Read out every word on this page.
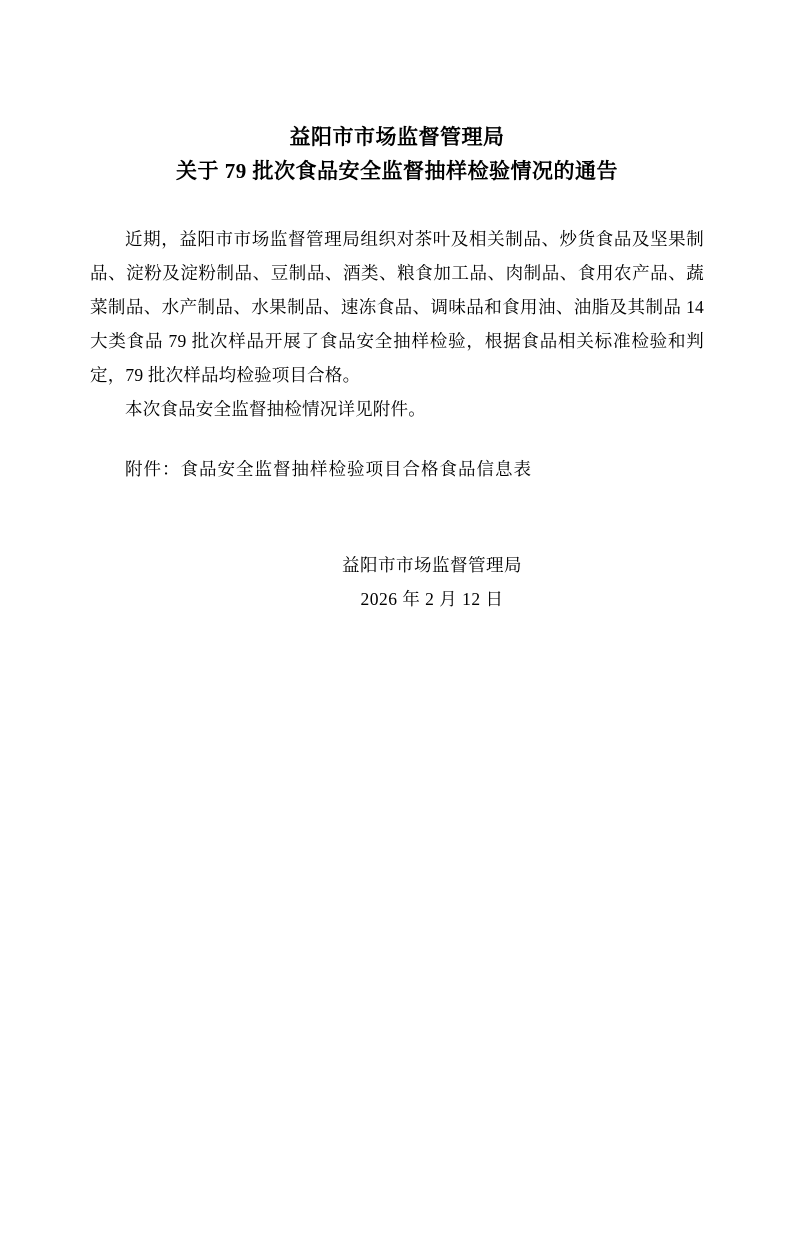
益阳市市场监督管理局
关于 79 批次食品安全监督抽样检验情况的通告

近期，益阳市市场监督管理局组织对茶叶及相关制品、炒货食品及坚果制品、淀粉及淀粉制品、豆制品、酒类、粮食加工品、肉制品、食用农产品、蔬菜制品、水产制品、水果制品、速冻食品、调味品和食用油、油脂及其制品 14 大类食品 79 批次样品开展了食品安全抽样检验，根据食品相关标准检验和判定，79 批次样品均检验项目合格。

本次食品安全监督抽检情况详见附件。

附件：食品安全监督抽样检验项目合格食品信息表
益阳市市场监督管理局
2026 年 2 月 12 日
